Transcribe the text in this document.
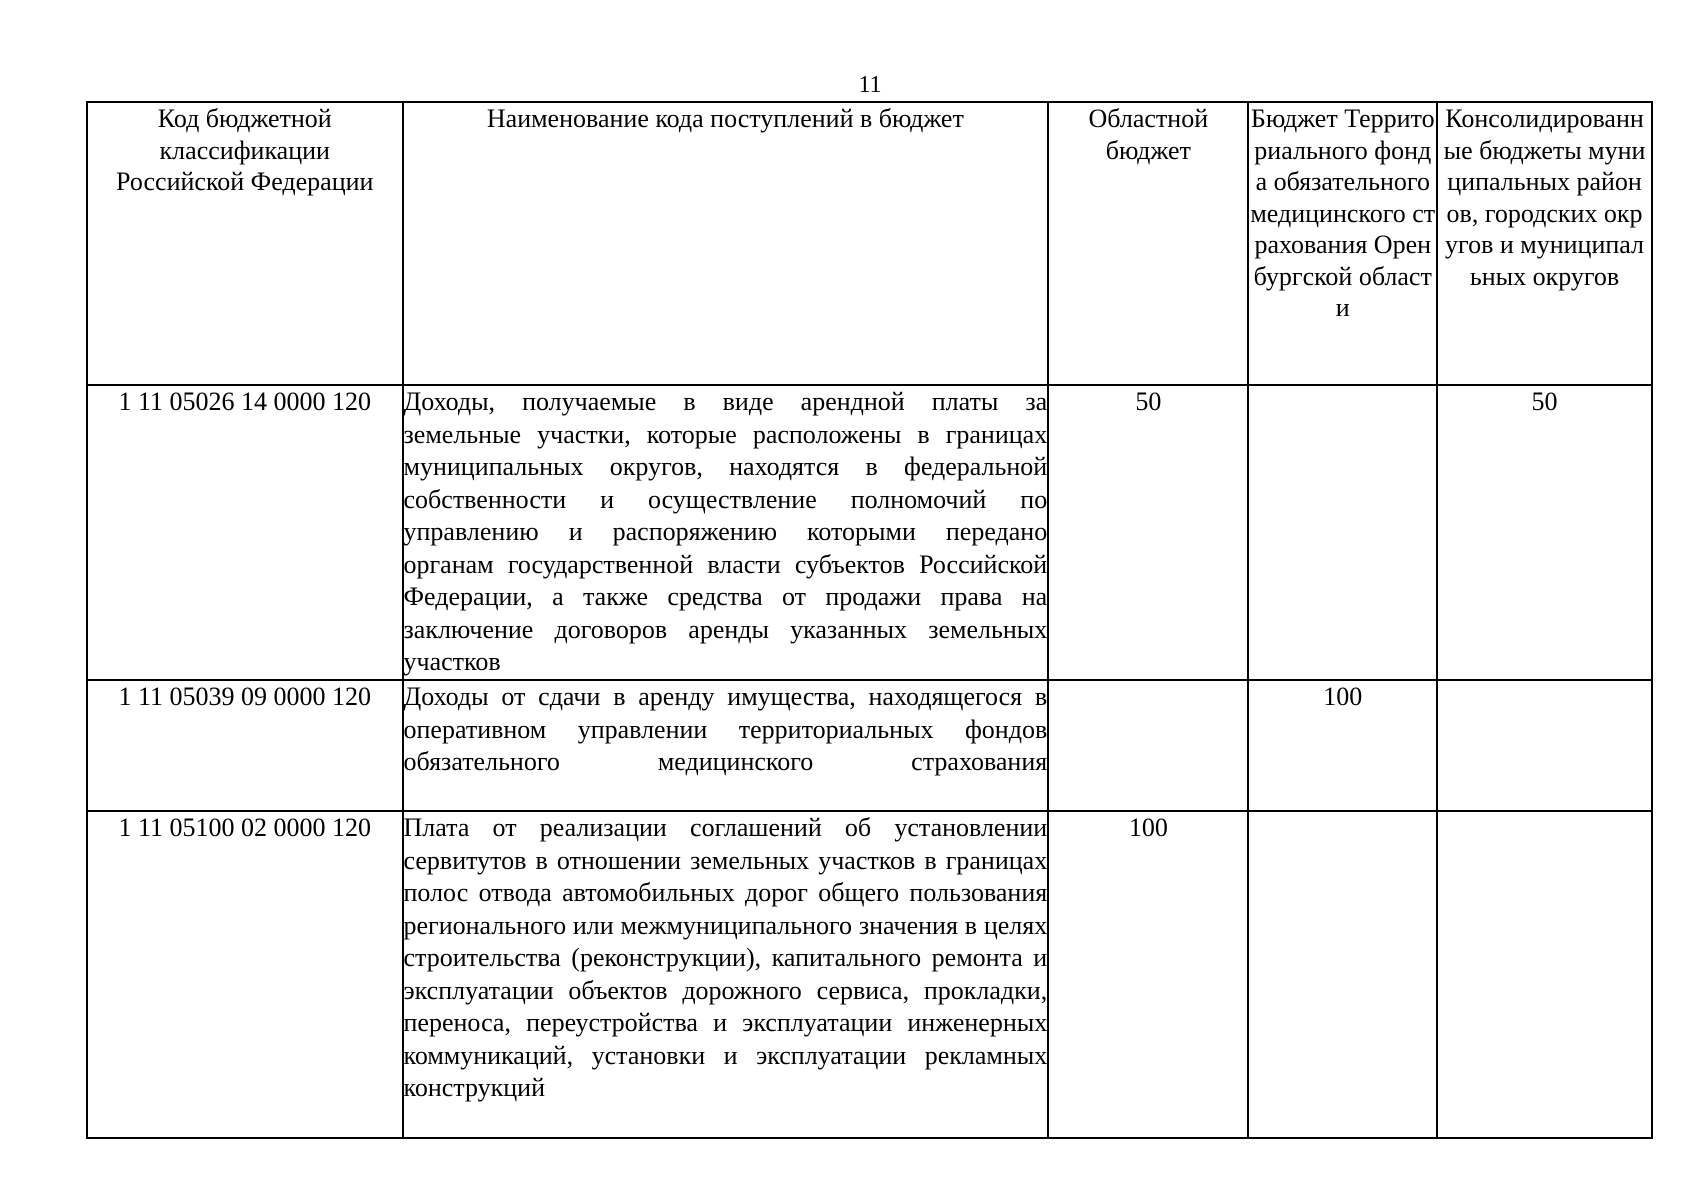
11
Код бюджетной классификации Российской Федерации	Наименование кода поступлений в бюджет	Областной бюджет	Бюджет Территориального фонда обязательного медицинского страхования Оренбургской области	Консолидированные бюджеты муниципальных районов, городских округов и муниципальных округов
1 11 05026 14 0000 120	Доходы, получаемые в виде арендной платы за земельные участки, которые расположены в границах муниципальных округов, находятся в федеральной собственности и осуществление полномочий по управлению и распоряжению которыми передано органам государственной власти субъектов Российской Федерации, а также средства от продажи права на заключение договоров аренды указанных земельных участков	50		50
1 11 05039 09 0000 120	Доходы от сдачи в аренду имущества, находящегося в оперативном управлении территориальных фондов обязательного медицинского страхования		100	
1 11 05100 02 0000 120	Плата от реализации соглашений об установлении сервитутов в отношении земельных участков в границах полос отвода автомобильных дорог общего пользования регионального или межмуниципального значения в целях строительства (реконструкции), капитального ремонта и эксплуатации объектов дорожного сервиса, прокладки, переноса, переустройства и эксплуатации инженерных коммуникаций, установки и эксплуатации рекламных конструкций	100		
